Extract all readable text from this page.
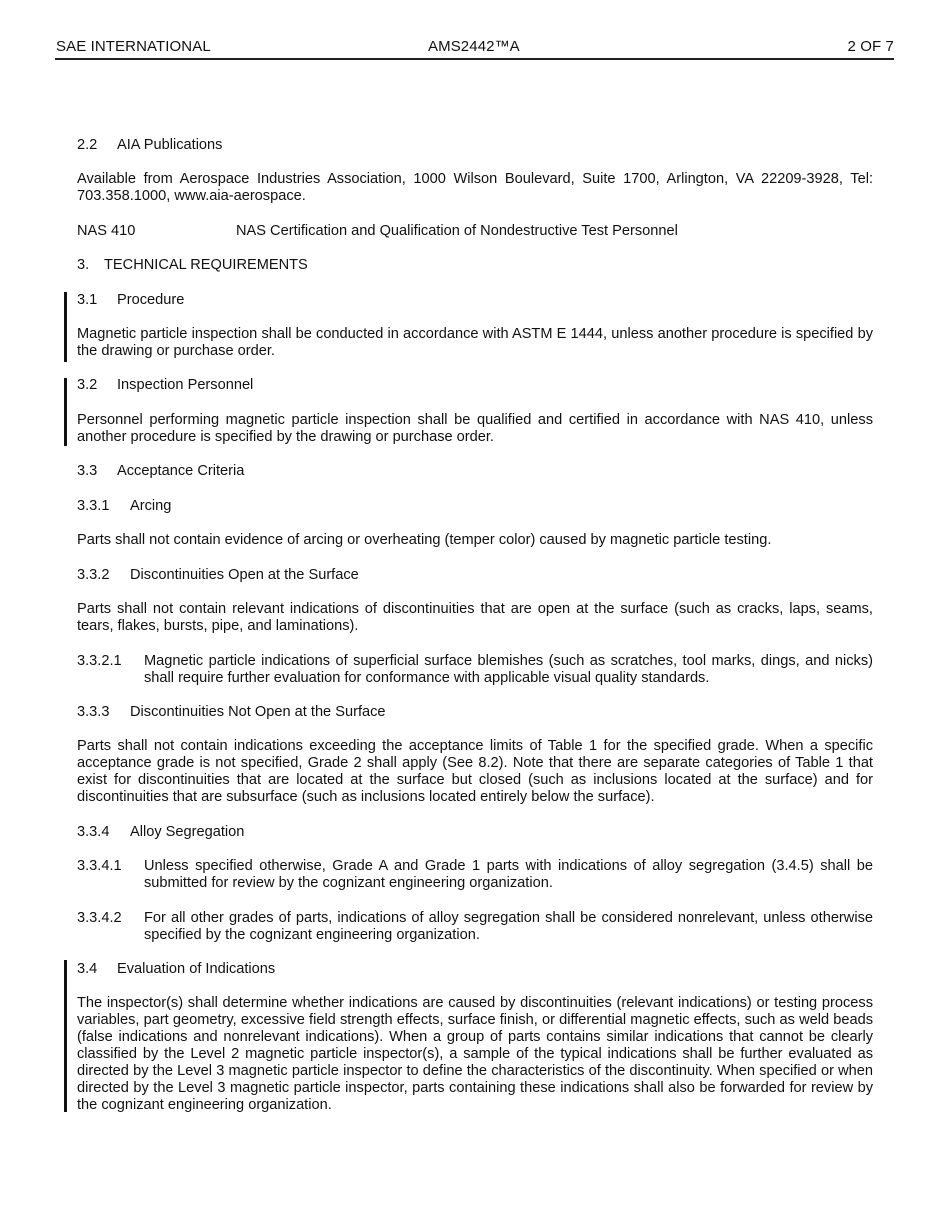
SAE INTERNATIONAL	AMS2442™A	2 OF 7
2.2 AIA Publications
Available from Aerospace Industries Association, 1000 Wilson Boulevard, Suite 1700, Arlington, VA 22209-3928, Tel: 703.358.1000, www.aia-aerospace.
NAS 410	NAS Certification and Qualification of Nondestructive Test Personnel
3. TECHNICAL REQUIREMENTS
3.1 Procedure
Magnetic particle inspection shall be conducted in accordance with ASTM E 1444, unless another procedure is specified by the drawing or purchase order.
3.2 Inspection Personnel
Personnel performing magnetic particle inspection shall be qualified and certified in accordance with NAS 410, unless another procedure is specified by the drawing or purchase order.
3.3 Acceptance Criteria
3.3.1 Arcing
Parts shall not contain evidence of arcing or overheating (temper color) caused by magnetic particle testing.
3.3.2 Discontinuities Open at the Surface
Parts shall not contain relevant indications of discontinuities that are open at the surface (such as cracks, laps, seams, tears, flakes, bursts, pipe, and laminations).
3.3.2.1 Magnetic particle indications of superficial surface blemishes (such as scratches, tool marks, dings, and nicks) shall require further evaluation for conformance with applicable visual quality standards.
3.3.3 Discontinuities Not Open at the Surface
Parts shall not contain indications exceeding the acceptance limits of Table 1 for the specified grade. When a specific acceptance grade is not specified, Grade 2 shall apply (See 8.2). Note that there are separate categories of Table 1 that exist for discontinuities that are located at the surface but closed (such as inclusions located at the surface) and for discontinuities that are subsurface (such as inclusions located entirely below the surface).
3.3.4 Alloy Segregation
3.3.4.1 Unless specified otherwise, Grade A and Grade 1 parts with indications of alloy segregation (3.4.5) shall be submitted for review by the cognizant engineering organization.
3.3.4.2 For all other grades of parts, indications of alloy segregation shall be considered nonrelevant, unless otherwise specified by the cognizant engineering organization.
3.4 Evaluation of Indications
The inspector(s) shall determine whether indications are caused by discontinuities (relevant indications) or testing process variables, part geometry, excessive field strength effects, surface finish, or differential magnetic effects, such as weld beads (false indications and nonrelevant indications). When a group of parts contains similar indications that cannot be clearly classified by the Level 2 magnetic particle inspector(s), a sample of the typical indications shall be further evaluated as directed by the Level 3 magnetic particle inspector to define the characteristics of the discontinuity. When specified or when directed by the Level 3 magnetic particle inspector, parts containing these indications shall also be forwarded for review by the cognizant engineering organization.
